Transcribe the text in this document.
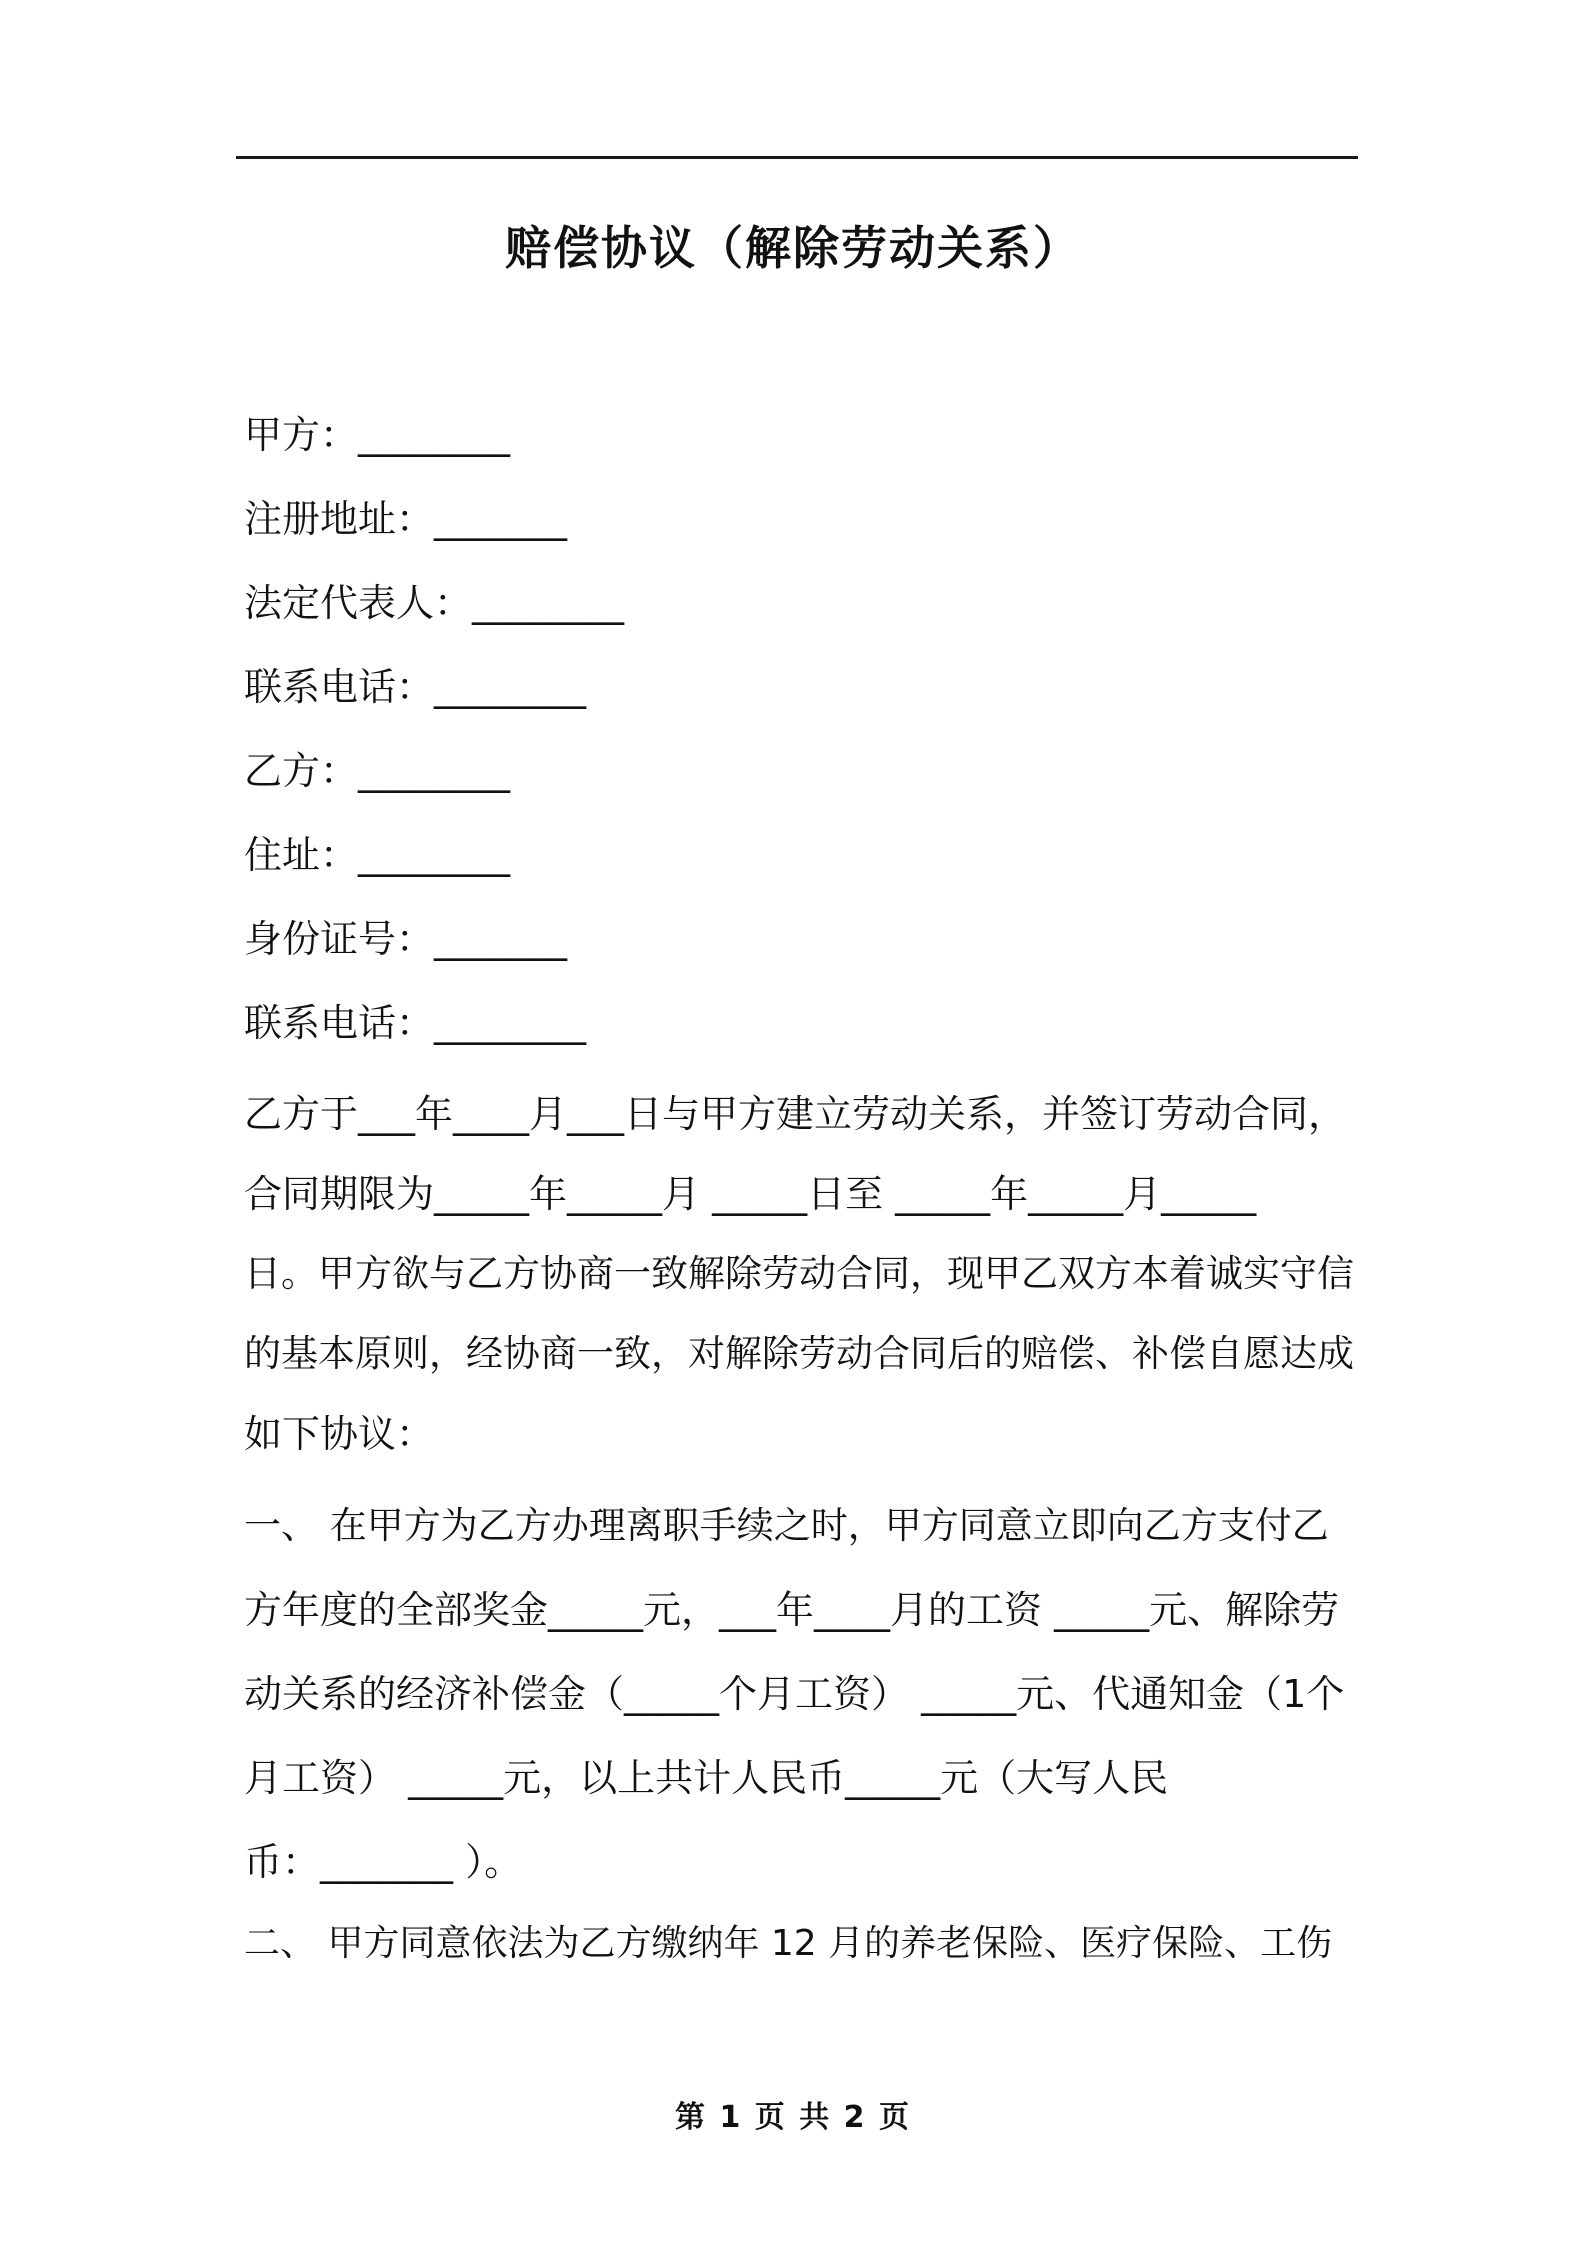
赔偿协议（解除劳动关系）
甲方：________
注册地址：_______
法定代表人：________
联系电话：________
乙方：________
住址：________
身份证号：_______
联系电话：________
乙方于___年____月___日与甲方建立劳动关系，并签订劳动合同，
合同期限为_____年_____月 _____日至 _____年_____月_____
日。甲方欲与乙方协商一致解除劳动合同，现甲乙双方本着诚实守信
的基本原则，经协商一致，对解除劳动合同后的赔偿、补偿自愿达成
如下协议：
一、 在甲方为乙方办理离职手续之时，甲方同意立即向乙方支付乙
方年度的全部奖金_____元，___年____月的工资 _____元、解除劳
动关系的经济补偿金（_____个月工资） _____元、代通知金（1个
月工资） _____元，以上共计人民币_____元（大写人民
币：_______ ）。
二、 甲方同意依法为乙方缴纳年 12 月的养老保险、医疗保险、工伤
第 1 页 共 2 页
